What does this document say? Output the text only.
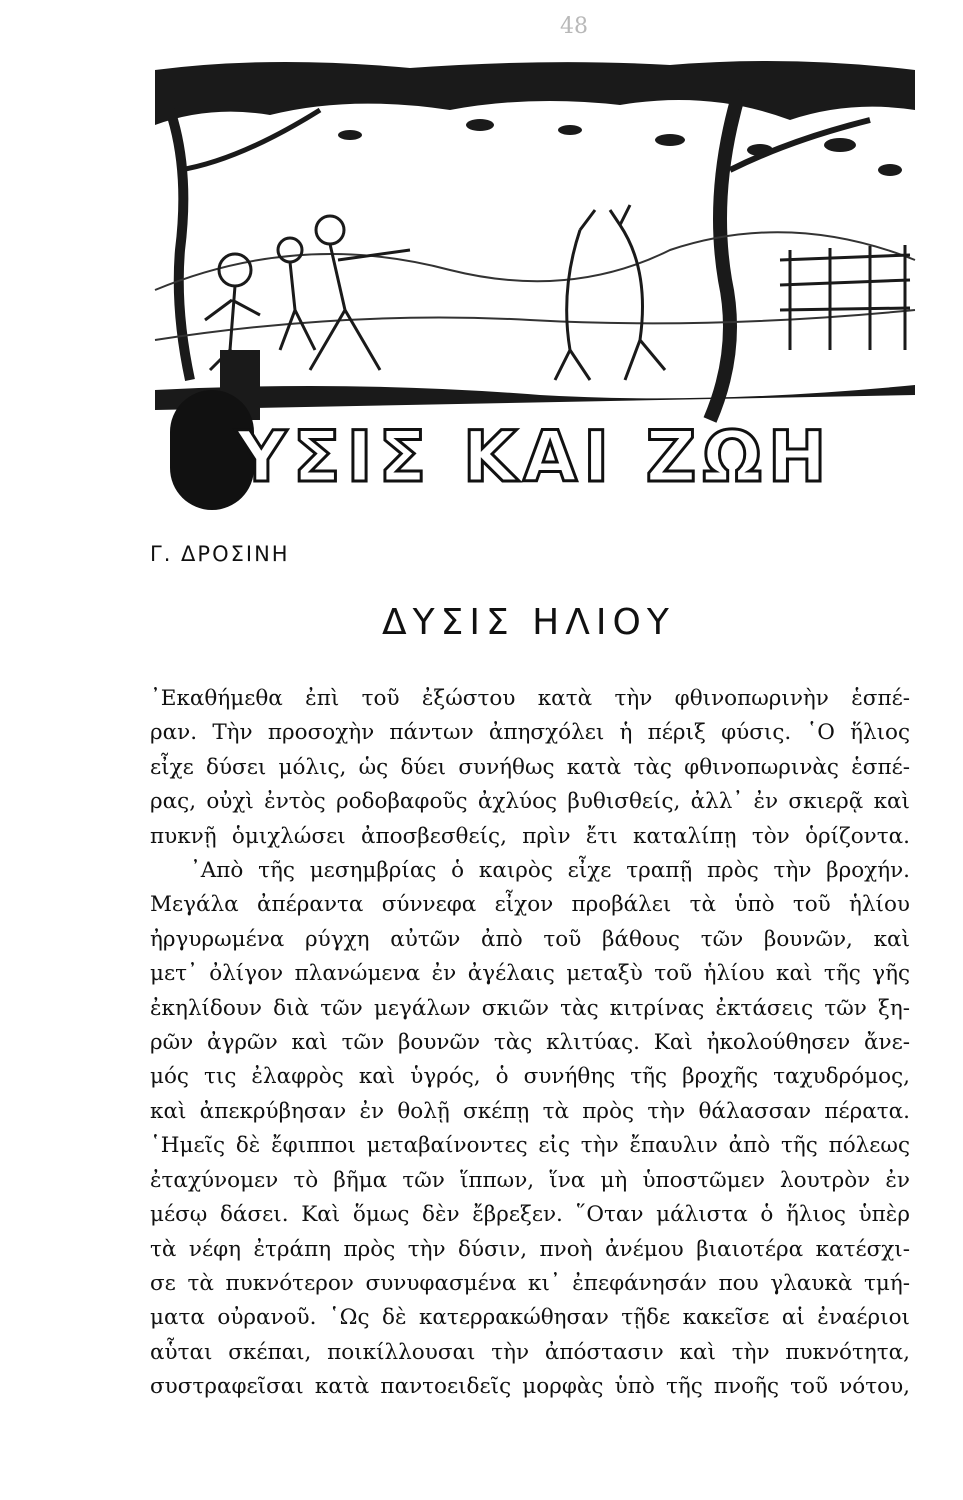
48
ΥΣΙΣ ΚΑΙ ΖΩΗ
Γ. ΔΡΟΣΙΝΗ
ΔΥΣΙΣ ΗΛΙΟΥ
᾿Εκαθήμεθα ἐπὶ τοῦ ἐξώστου κατὰ τὴν φθινοπωρινὴν ἑσπέ-
ραν. Τὴν προσοχὴν πάντων ἀπησχόλει ἡ πέριξ φύσις. ῾Ο ἥλιος
εἶχε δύσει μόλις, ὡς δύει συνήθως κατὰ τὰς φθινοπωρινὰς ἑσπέ-
ρας, οὐχὶ ἐντὸς ροδοβαφοῦς ἀχλύος βυθισθείς, ἀλλ᾿ ἐν σκιερᾷ καὶ
πυκνῇ ὁμιχλώσει ἀποσβεσθείς, πρὶν ἔτι καταλίπῃ τὸν ὁρίζοντα.
᾿Απὸ τῆς μεσημβρίας ὁ καιρὸς εἶχε τραπῇ πρὸς τὴν βροχήν.
Μεγάλα ἀπέραντα σύννεφα εἶχον προβάλει τὰ ὑπὸ τοῦ ἡλίου
ἠργυρωμένα ρύγχη αὐτῶν ἀπὸ τοῦ βάθους τῶν βουνῶν, καὶ
μετ᾿ ὀλίγον πλανώμενα ἐν ἀγέλαις μεταξὺ τοῦ ἡλίου καὶ τῆς γῆς
ἐκηλίδουν διὰ τῶν μεγάλων σκιῶν τὰς κιτρίνας ἐκτάσεις τῶν ξη-
ρῶν ἀγρῶν καὶ τῶν βουνῶν τὰς κλιτύας. Καὶ ἠκολούθησεν ἄνε-
μός τις ἐλαφρὸς καὶ ὑγρός, ὁ συνήθης τῆς βροχῆς ταχυδρόμος,
καὶ ἀπεκρύβησαν ἐν θολῇ σκέπῃ τὰ πρὸς τὴν θάλασσαν πέρατα.
῾Ημεῖς δὲ ἔφιπποι μεταβαίνοντες εἰς τὴν ἔπαυλιν ἀπὸ τῆς πόλεως
ἐταχύνομεν τὸ βῆμα τῶν ἵππων, ἵνα μὴ ὑποστῶμεν λουτρὸν ἐν
μέσῳ δάσει. Καὶ ὅμως δὲν ἔβρεξεν. ῞Οταν μάλιστα ὁ ἥλιος ὑπὲρ
τὰ νέφη ἐτράπη πρὸς τὴν δύσιν, πνοὴ ἀνέμου βιαιοτέρα κατέσχι-
σε τὰ πυκνότερον συνυφασμένα κι᾿ ἐπεφάνησάν που γλαυκὰ τμή-
ματα οὐρανοῦ. ῾Ως δὲ κατερρακώθησαν τῇδε κακεῖσε αἱ ἐναέριοι
αὗται σκέπαι, ποικίλλουσαι τὴν ἀπόστασιν καὶ τὴν πυκνότητα,
συστραφεῖσαι κατὰ παντοειδεῖς μορφὰς ὑπὸ τῆς πνοῆς τοῦ νότου,
